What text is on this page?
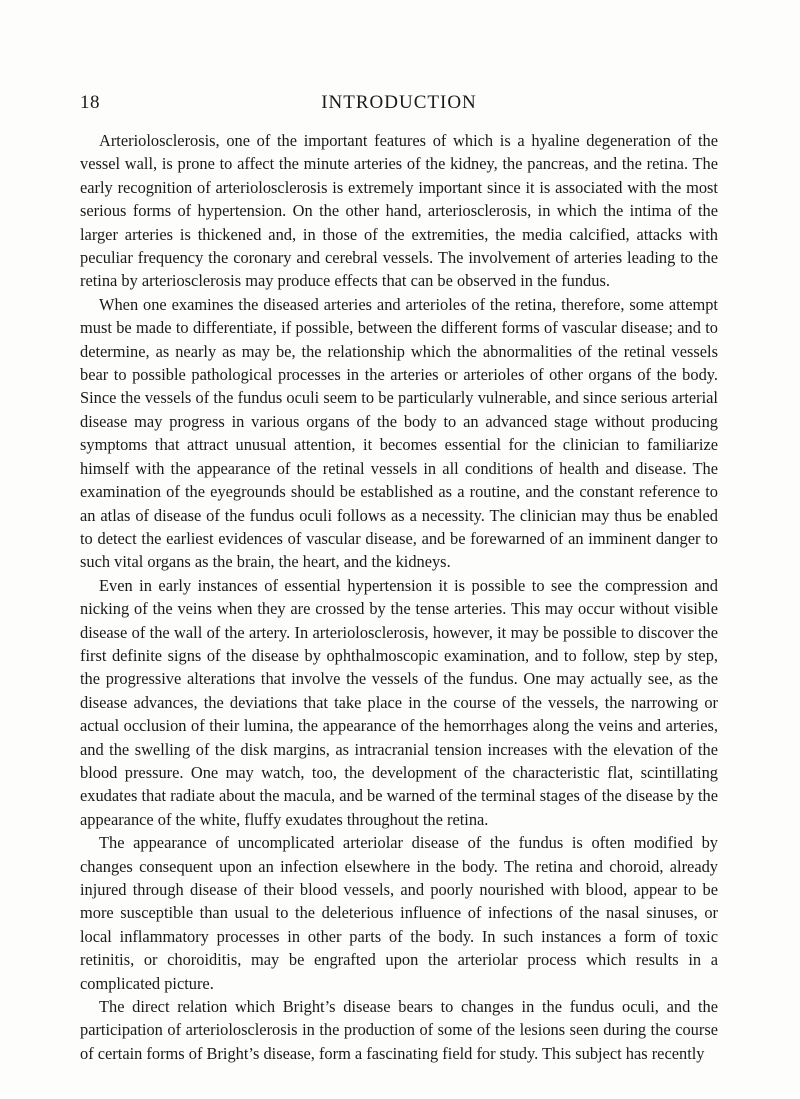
18	INTRODUCTION

Arteriolosclerosis, one of the important features of which is a hyaline degeneration of the vessel wall, is prone to affect the minute arteries of the kidney, the pancreas, and the retina. The early recognition of arteriolosclerosis is extremely important since it is associated with the most serious forms of hypertension. On the other hand, arteriosclerosis, in which the intima of the larger arteries is thickened and, in those of the extremities, the media calcified, attacks with peculiar frequency the coronary and cerebral vessels. The involvement of arteries leading to the retina by arteriosclerosis may produce effects that can be observed in the fundus.

When one examines the diseased arteries and arterioles of the retina, therefore, some attempt must be made to differentiate, if possible, between the different forms of vascular disease; and to determine, as nearly as may be, the relationship which the abnormalities of the retinal vessels bear to possible pathological processes in the arteries or arterioles of other organs of the body. Since the vessels of the fundus oculi seem to be particularly vulnerable, and since serious arterial disease may progress in various organs of the body to an advanced stage without producing symptoms that attract unusual attention, it becomes essential for the clinician to familiarize himself with the appearance of the retinal vessels in all conditions of health and disease. The examination of the eyegrounds should be established as a routine, and the constant reference to an atlas of disease of the fundus oculi follows as a necessity. The clinician may thus be enabled to detect the earliest evidences of vascular disease, and be forewarned of an imminent danger to such vital organs as the brain, the heart, and the kidneys.

Even in early instances of essential hypertension it is possible to see the compression and nicking of the veins when they are crossed by the tense arteries. This may occur without visible disease of the wall of the artery. In arteriolosclerosis, however, it may be possible to discover the first definite signs of the disease by ophthalmoscopic examination, and to follow, step by step, the progressive alterations that involve the vessels of the fundus. One may actually see, as the disease advances, the deviations that take place in the course of the vessels, the narrowing or actual occlusion of their lumina, the appearance of the hemorrhages along the veins and arteries, and the swelling of the disk margins, as intracranial tension increases with the elevation of the blood pressure. One may watch, too, the development of the characteristic flat, scintillating exudates that radiate about the macula, and be warned of the terminal stages of the disease by the appearance of the white, fluffy exudates throughout the retina.

The appearance of uncomplicated arteriolar disease of the fundus is often modified by changes consequent upon an infection elsewhere in the body. The retina and choroid, already injured through disease of their blood vessels, and poorly nourished with blood, appear to be more susceptible than usual to the deleterious influence of infections of the nasal sinuses, or local inflammatory processes in other parts of the body. In such instances a form of toxic retinitis, or choroiditis, may be engrafted upon the arteriolar process which results in a complicated picture.

The direct relation which Bright’s disease bears to changes in the fundus oculi, and the participation of arteriolosclerosis in the production of some of the lesions seen during the course of certain forms of Bright’s disease, form a fascinating field for study. This subject has recently
